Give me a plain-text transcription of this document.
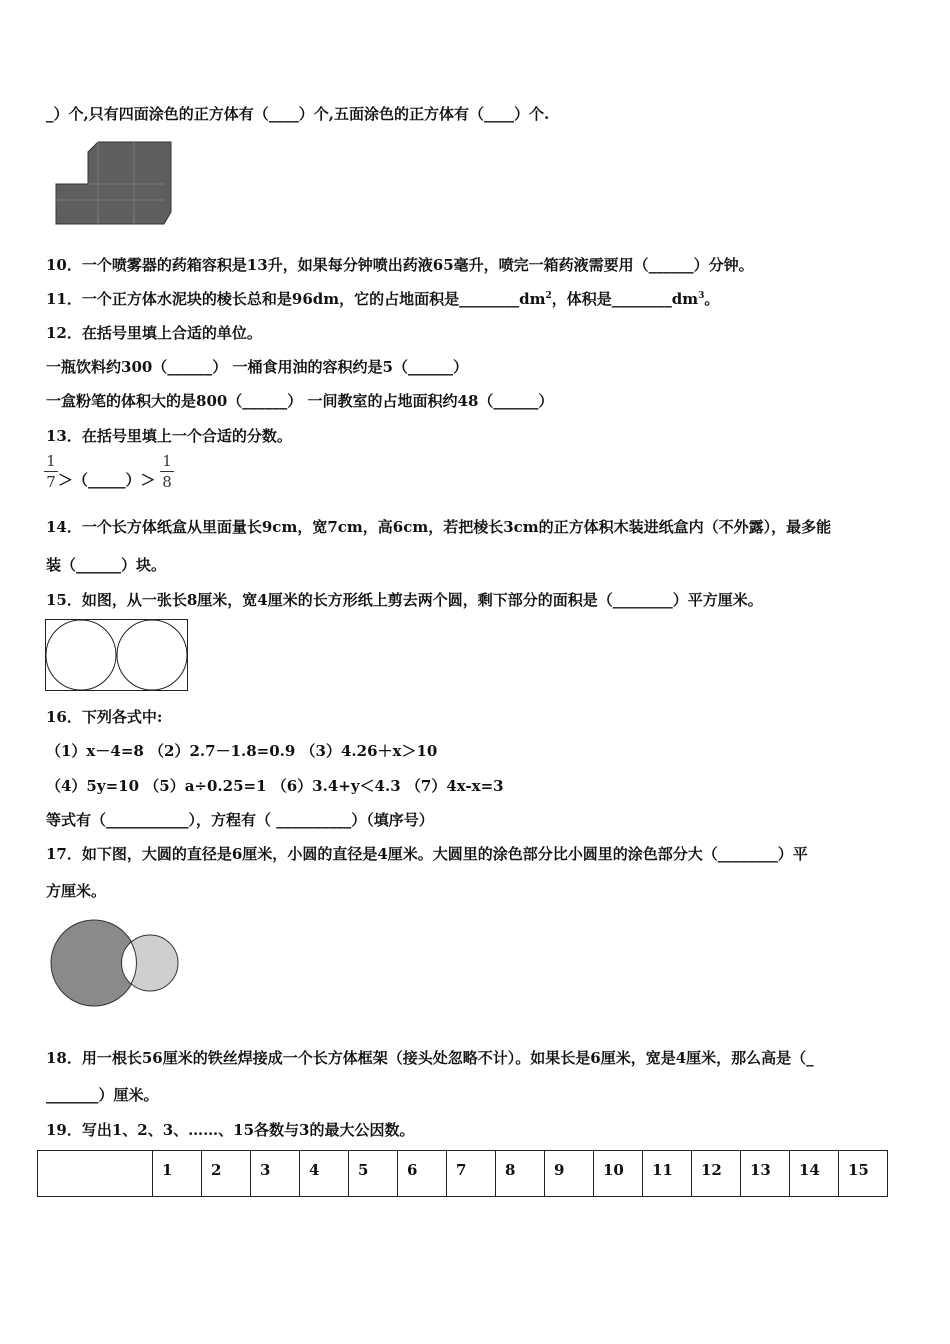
_）个,只有四面涂色的正方体有（____）个,五面涂色的正方体有（____）个.
10．一个喷雾器的药箱容积是13升，如果每分钟喷出药液65毫升，喷完一箱药液需要用（______）分钟。
11．一个正方体水泥块的棱长总和是96dm，它的占地面积是$\_\_\_\_\_\_\_\_dm^2$，体积是$\_\_\_\_\_\_\_\_dm^3$。
12．在括号里填上合适的单位。
一瓶饮料约300（______） 一桶食用油的容积约是5（______）
一盒粉笔的体积大的是800（______） 一间教室的占地面积约48（______）
13．在括号里填上一个合适的分数。
1
7 ＞（_____）＞
1
8
14．一个长方体纸盒从里面量长9cm，宽7cm，高6cm，若把棱长3cm的正方体积木装进纸盒内（不外露），最多能
装（______）块。
15．如图，从一张长8厘米，宽4厘米的长方形纸上剪去两个圆，剩下部分的面积是（________）平方厘米。
16．下列各式中:
（1）x－4=8 （2）2.7－1.8=0.9 （3）4.26＋x＞10
（4）5y=10 （5）a÷0.25=1 （6）3.4+y＜4.3 （7）4x-x=3
等式有（___________），方程有（ __________）（填序号）
17．如下图，大圆的直径是6厘米，小圆的直径是4厘米。大圆里的涂色部分比小圆里的涂色部分大（________）平
方厘米。
18．用一根长56厘米的铁丝焊接成一个长方体框架（接头处忽略不计）。如果长是6厘米，宽是4厘米，那么高是（_
_______）厘米。
19．写出1、2、3、……、15各数与3的最大公因数。
	1	2	3	4	5	6	7	8	9	10	11	12	13	14	15
